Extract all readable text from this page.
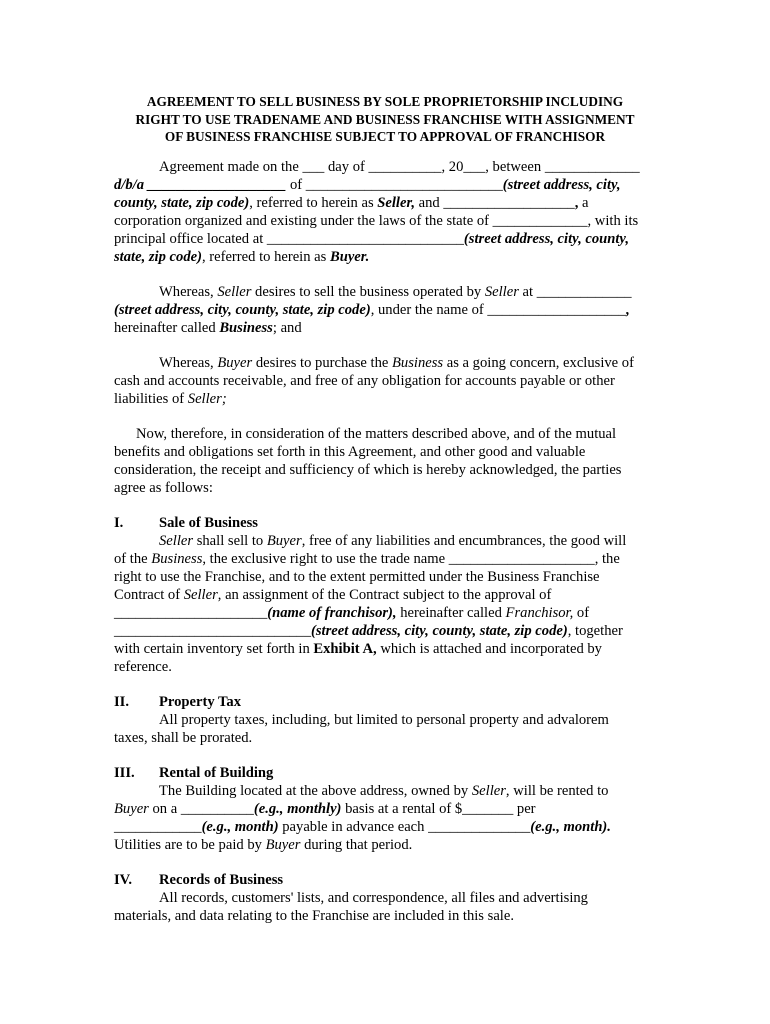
AGREEMENT TO SELL BUSINESS BY SOLE PROPRIETORSHIP INCLUDING
RIGHT TO USE TRADENAME AND BUSINESS FRANCHISE WITH ASSIGNMENT
OF BUSINESS FRANCHISE SUBJECT TO APPROVAL OF FRANCHISOR
Agreement made on the ___ day of __________, 20___, between _____________
d/b/a ___________________ of ___________________________(street address, city,
county, state, zip code), referred to herein as Seller, and __________________, a
corporation organized and existing under the laws of the state of _____________, with its
principal office located at ___________________________(street address, city, county,
state, zip code), referred to herein as Buyer.
Whereas, Seller desires to sell the business operated by Seller at _____________
(street address, city, county, state, zip code), under the name of ___________________,
hereinafter called Business; and
Whereas, Buyer desires to purchase the Business as a going concern, exclusive of
cash and accounts receivable, and free of any obligation for accounts payable or other
liabilities of Seller;
Now, therefore, in consideration of the matters described above, and of the mutual
benefits and obligations set forth in this Agreement, and other good and valuable
consideration, the receipt and sufficiency of which is hereby acknowledged, the parties
agree as follows:
I. Sale of Business
Seller shall sell to Buyer, free of any liabilities and encumbrances, the good will
of the Business, the exclusive right to use the trade name ____________________, the
right to use the Franchise, and to the extent permitted under the Business Franchise
Contract of Seller, an assignment of the Contract subject to the approval of
_____________________(name of franchisor), hereinafter called Franchisor, of
___________________________(street address, city, county, state, zip code), together
with certain inventory set forth in Exhibit A, which is attached and incorporated by
reference.
II. Property Tax
All property taxes, including, but limited to personal property and advalorem
taxes, shall be prorated.
III. Rental of Building
The Building located at the above address, owned by Seller, will be rented to
Buyer on a __________(e.g., monthly) basis at a rental of $_______ per
____________(e.g., month) payable in advance each ______________(e.g., month).
Utilities are to be paid by Buyer during that period.
IV. Records of Business
All records, customers' lists, and correspondence, all files and advertising
materials, and data relating to the Franchise are included in this sale.
